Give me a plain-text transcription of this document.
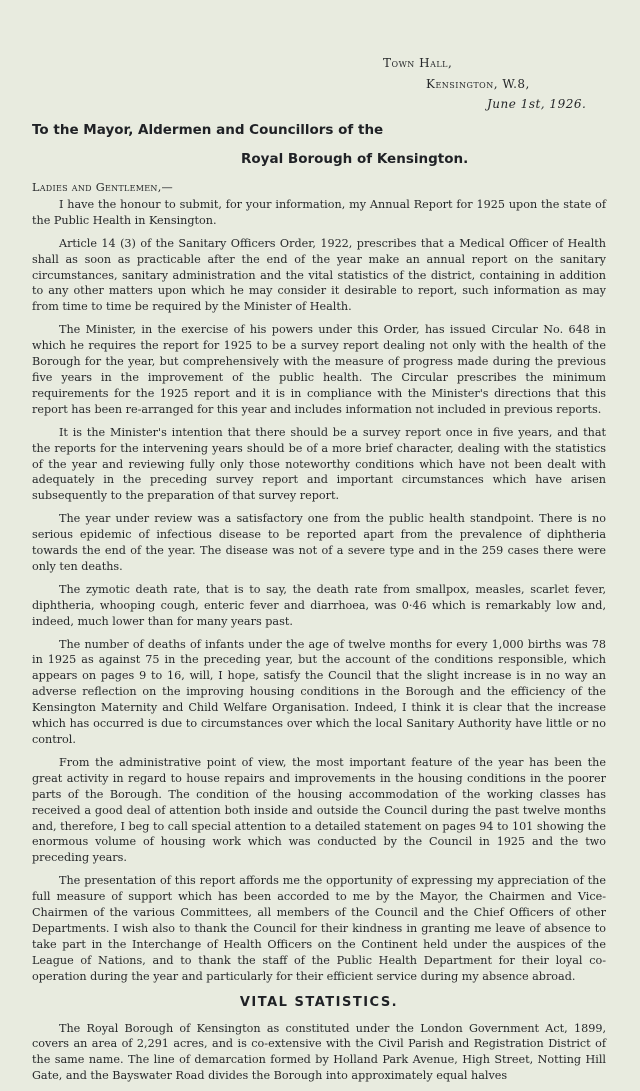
Town Hall,
Kensington, W.8,
June 1st, 1926.
To the Mayor, Aldermen and Councillors of the
Royal Borough of Kensington.

Ladies and Gentlemen,—

I have the honour to submit, for your information, my Annual Report for 1925 upon the state of the Public Health in Kensington.

Article 14 (3) of the Sanitary Officers Order, 1922, prescribes that a Medical Officer of Health shall as soon as practicable after the end of the year make an annual report on the sanitary circumstances, sanitary administration and the vital statistics of the district, containing in addition to any other matters upon which he may consider it desirable to report, such information as may from time to time be required by the Minister of Health.

The Minister, in the exercise of his powers under this Order, has issued Circular No. 648 in which he requires the report for 1925 to be a survey report dealing not only with the health of the Borough for the year, but comprehensively with the measure of progress made during the previous five years in the improvement of the public health. The Circular prescribes the minimum requirements for the 1925 report and it is in compliance with the Minister's directions that this report has been re-arranged for this year and includes information not included in previous reports.

It is the Minister's intention that there should be a survey report once in five years, and that the reports for the intervening years should be of a more brief character, dealing with the statistics of the year and reviewing fully only those noteworthy conditions which have not been dealt with adequately in the preceding survey report and important circumstances which have arisen subsequently to the preparation of that survey report.

The year under review was a satisfactory one from the public health standpoint. There is no serious epidemic of infectious disease to be reported apart from the prevalence of diphtheria towards the end of the year. The disease was not of a severe type and in the 259 cases there were only ten deaths.

The zymotic death rate, that is to say, the death rate from smallpox, measles, scarlet fever, diphtheria, whooping cough, enteric fever and diarrhoea, was 0·46 which is remarkably low and, indeed, much lower than for many years past.

The number of deaths of infants under the age of twelve months for every 1,000 births was 78 in 1925 as against 75 in the preceding year, but the account of the conditions responsible, which appears on pages 9 to 16, will, I hope, satisfy the Council that the slight increase is in no way an adverse reflection on the improving housing conditions in the Borough and the efficiency of the Kensington Maternity and Child Welfare Organisation. Indeed, I think it is clear that the increase which has occurred is due to circumstances over which the local Sanitary Authority have little or no control.

From the administrative point of view, the most important feature of the year has been the great activity in regard to house repairs and improvements in the housing conditions in the poorer parts of the Borough. The condition of the housing accommodation of the working classes has received a good deal of attention both inside and outside the Council during the past twelve months and, therefore, I beg to call special attention to a detailed statement on pages 94 to 101 showing the enormous volume of housing work which was conducted by the Council in 1925 and the two preceding years.

The presentation of this report affords me the opportunity of expressing my appreciation of the full measure of support which has been accorded to me by the Mayor, the Chairmen and Vice-Chairmen of the various Committees, all members of the Council and the Chief Officers of other Departments. I wish also to thank the Council for their kindness in granting me leave of absence to take part in the Interchange of Health Officers on the Continent held under the auspices of the League of Nations, and to thank the staff of the Public Health Department for their loyal co-operation during the year and particularly for their efficient service during my absence abroad.

VITAL STATISTICS.

The Royal Borough of Kensington as constituted under the London Government Act, 1899, covers an area of 2,291 acres, and is co-extensive with the Civil Parish and Registration District of the same name. The line of demarcation formed by Holland Park Avenue, High Street, Notting Hill Gate, and the Bayswater Road divides the Borough into approximately equal halves
